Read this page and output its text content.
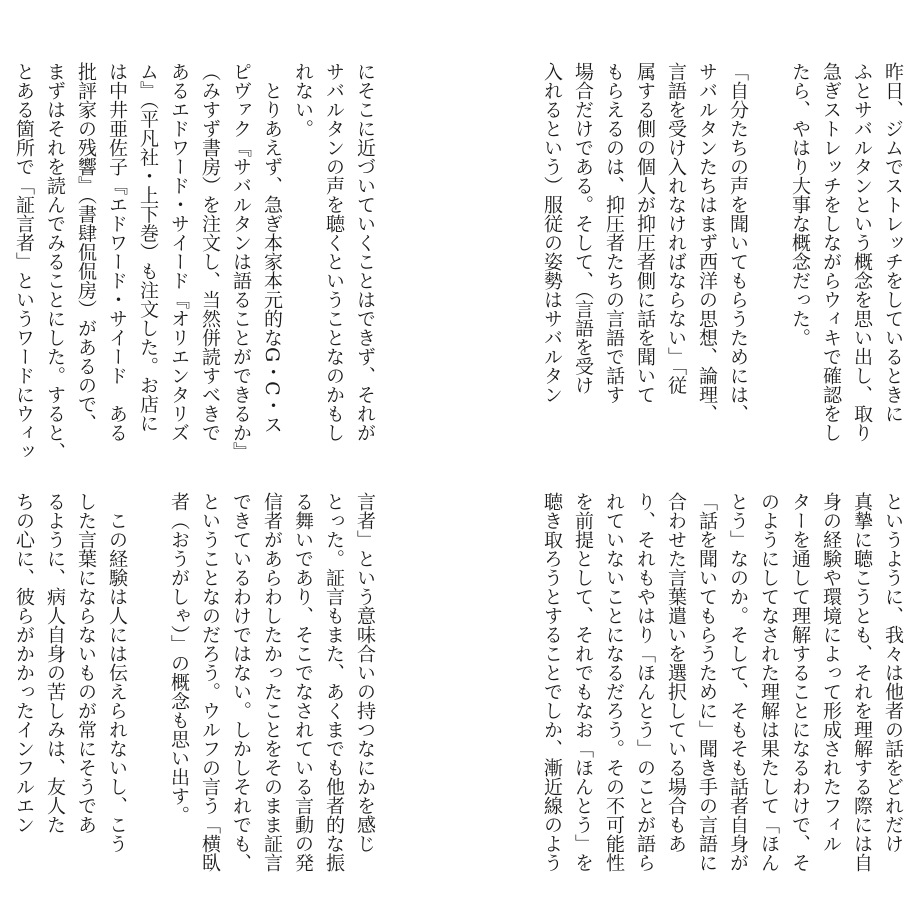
昨日、ジムでストレッチをしているときに

ふとサバルタンという概念を思い出し、取り

急ぎストレッチをしながらウィキで確認をし

たら、やはり大事な概念だった。

「自分たちの声を聞いてもらうためには、

サバルタンたちはまず西洋の思想、論理、

言語を受け入れなければならない」「従

属する側の個人が抑圧者側に話を聞いて

もらえるのは、抑圧者たちの言語で話す

場合だけである。そして、（言語を受け

入れるという）服従の姿勢はサバルタン

にそこに近づいていくことはできず、それが

サバルタンの声を聴くということなのかもし

れない。

　とりあえず、急ぎ本家本元的なG・C・ス

ピヴァク『サバルタンは語ることができるか』

（みすず書房）を注文し、当然併読すべきで

あるエドワード・サイード『オリエンタリズ

ム』（平凡社・上下巻）も注文した。お店に

は中井亜佐子『エドワード・サイード　ある

批評家の残響』（書肆侃侃房）があるので、

まずはそれを読んでみることにした。すると、

とある箇所で「証言者」というワードにウィッ

というように、我々は他者の話をどれだけ

真摯に聴こうとも、それを理解する際には自

身の経験や環境によって形成されたフィル

ターを通して理解することになるわけで、そ

のようにしてなされた理解は果たして「ほん

とう」なのか。そして、そもそも話者自身が

「話を聞いてもらうために」聞き手の言語に

合わせた言葉遣いを選択している場合もあ

り、それもやはり「ほんとう」のことが語ら

れていないことになるだろう。その不可能性

を前提として、それでもなお「ほんとう」を

聴き取ろうとすることでしか、漸近線のよう

言者」という意味合いの持つなにかを感じ

とった。証言もまた、あくまでも他者的な振

る舞いであり、そこでなされている言動の発

信者があらわしたかったことをそのまま証言

できているわけではない。しかしそれでも、

ということなのだろう。ウルフの言う「横臥

者（おうがしゃ）」の概念も思い出す。

　この経験は人には伝えられないし、こう

した言葉にならないものが常にそうであ

るように、病人自身の苦しみは、友人た

ちの心に、彼らがかかったインフルエン
